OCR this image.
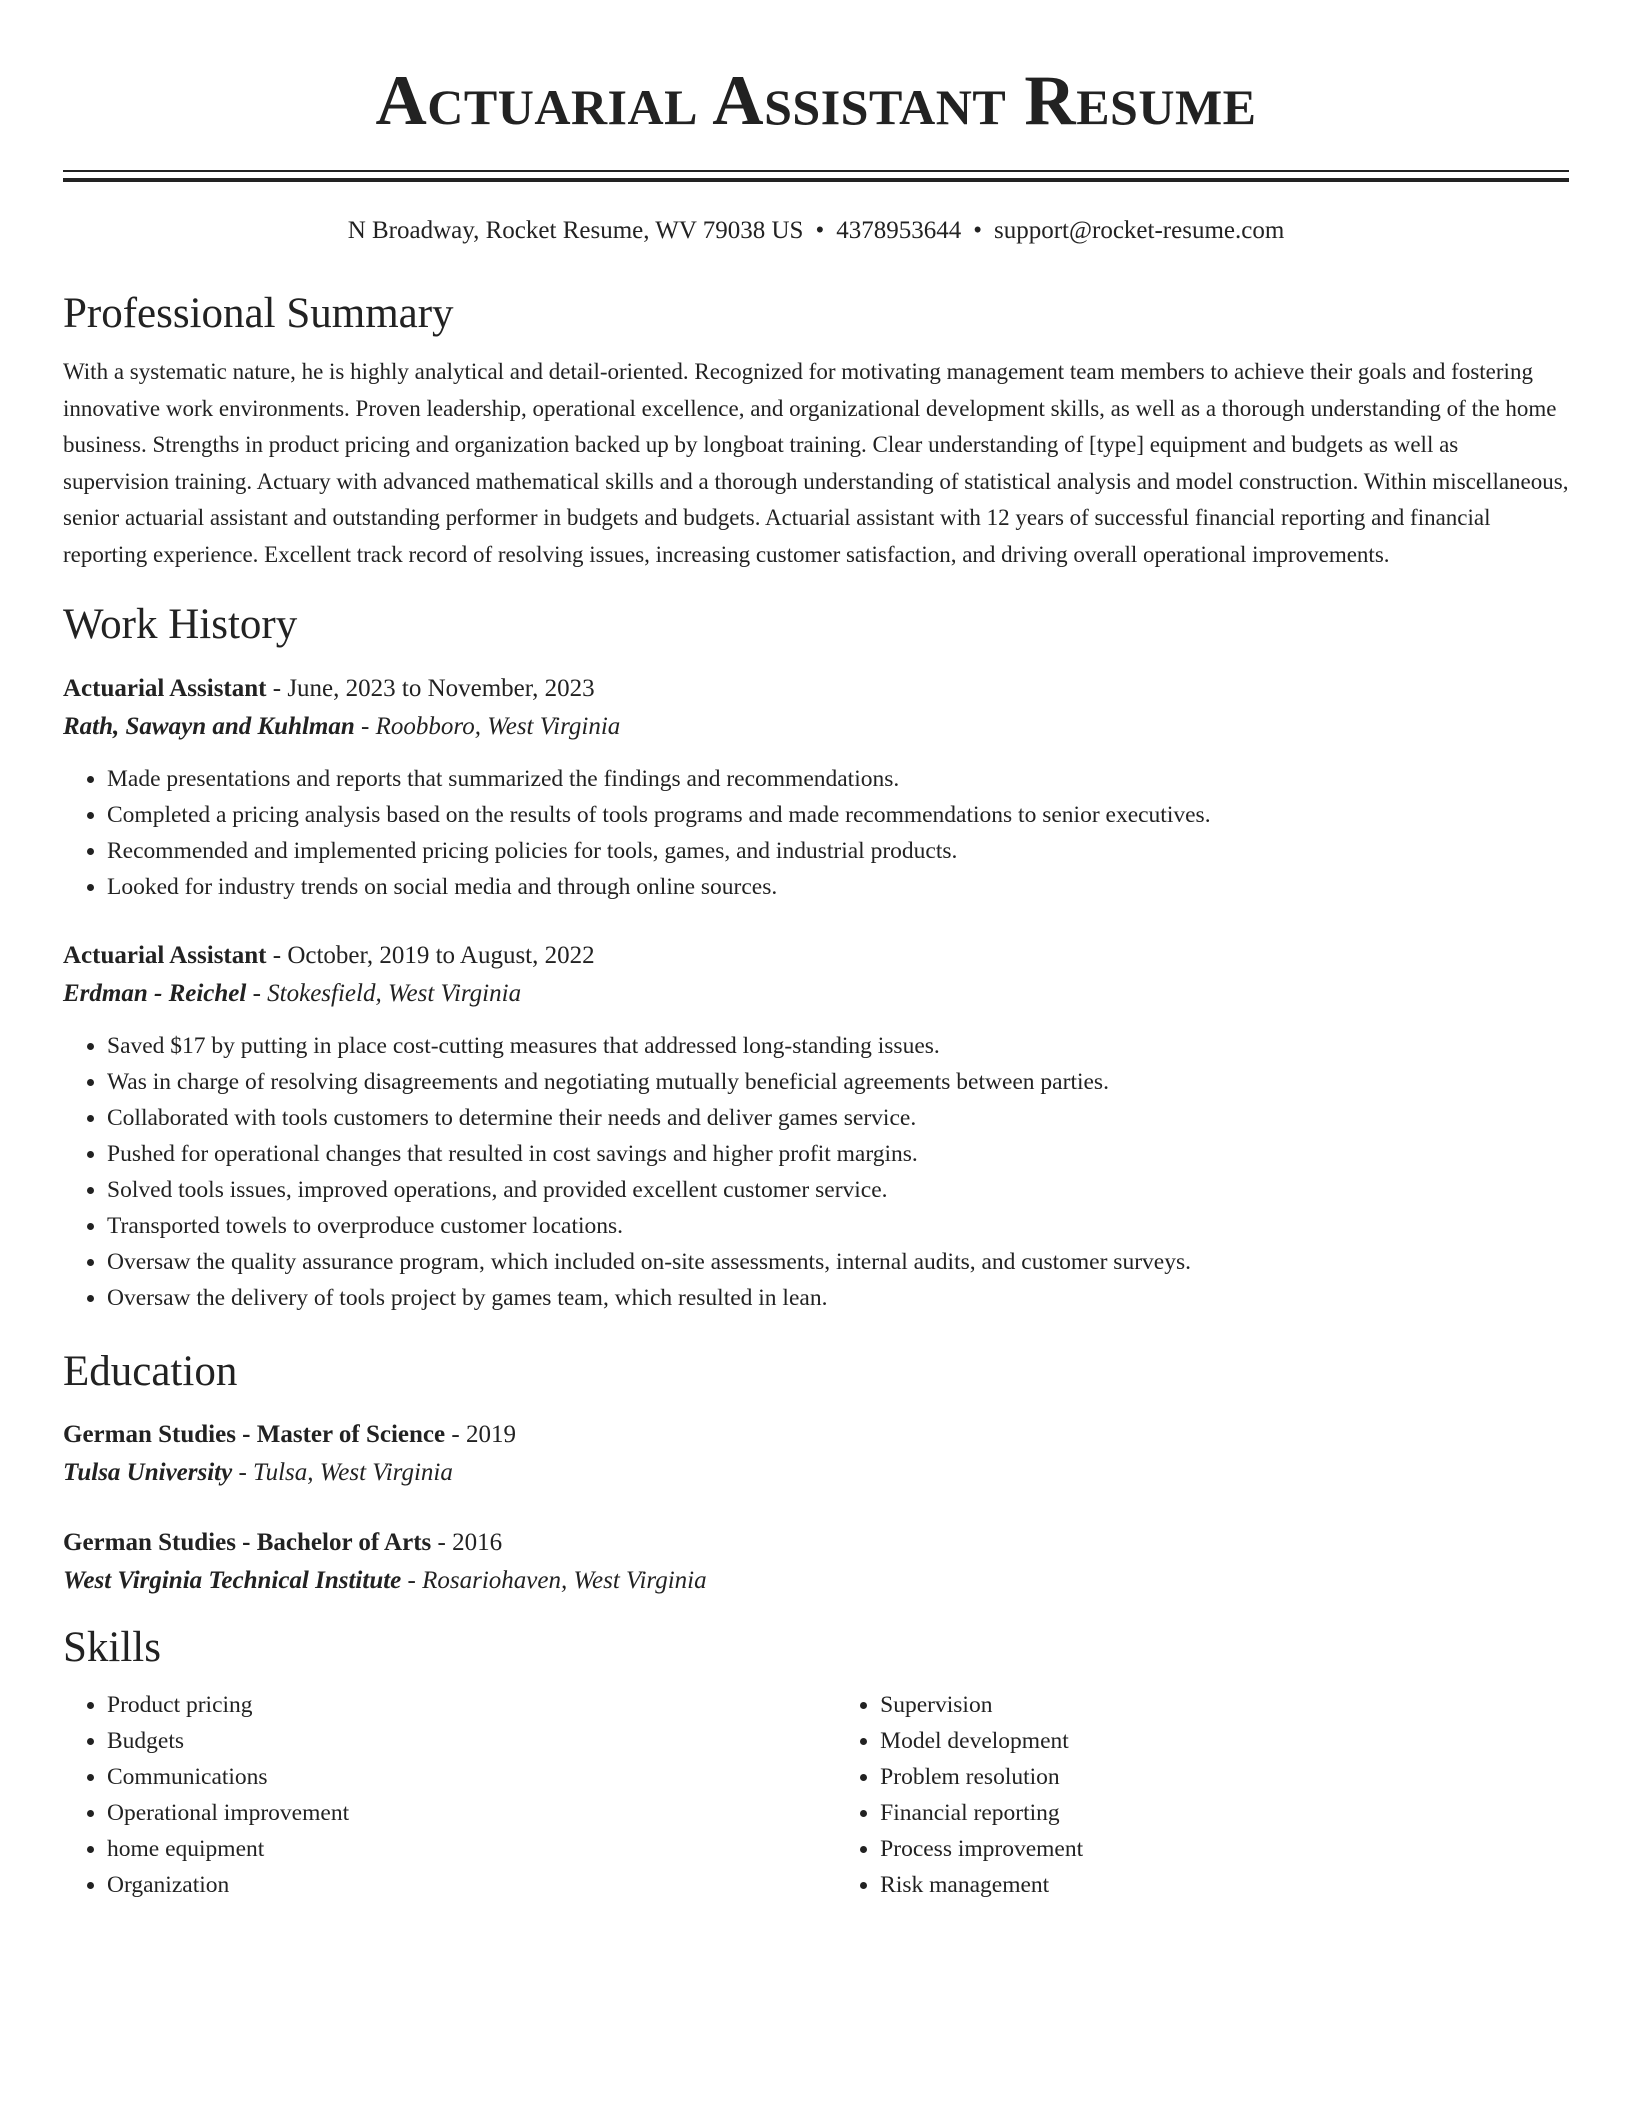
Actuarial Assistant Resume
N Broadway, Rocket Resume, WV 79038 US • 4378953644 • support@rocket-resume.com
Professional Summary
With a systematic nature, he is highly analytical and detail-oriented. Recognized for motivating management team members to achieve their goals and fostering innovative work environments. Proven leadership, operational excellence, and organizational development skills, as well as a thorough understanding of the home business. Strengths in product pricing and organization backed up by longboat training. Clear understanding of [type] equipment and budgets as well as supervision training. Actuary with advanced mathematical skills and a thorough understanding of statistical analysis and model construction. Within miscellaneous, senior actuarial assistant and outstanding performer in budgets and budgets. Actuarial assistant with 12 years of successful financial reporting and financial reporting experience. Excellent track record of resolving issues, increasing customer satisfaction, and driving overall operational improvements.
Work History
Actuarial Assistant - June, 2023 to November, 2023
Rath, Sawayn and Kuhlman - Roobboro, West Virginia
• Made presentations and reports that summarized the findings and recommendations.
• Completed a pricing analysis based on the results of tools programs and made recommendations to senior executives.
• Recommended and implemented pricing policies for tools, games, and industrial products.
• Looked for industry trends on social media and through online sources.
Actuarial Assistant - October, 2019 to August, 2022
Erdman - Reichel - Stokesfield, West Virginia
• Saved $17 by putting in place cost-cutting measures that addressed long-standing issues.
• Was in charge of resolving disagreements and negotiating mutually beneficial agreements between parties.
• Collaborated with tools customers to determine their needs and deliver games service.
• Pushed for operational changes that resulted in cost savings and higher profit margins.
• Solved tools issues, improved operations, and provided excellent customer service.
• Transported towels to overproduce customer locations.
• Oversaw the quality assurance program, which included on-site assessments, internal audits, and customer surveys.
• Oversaw the delivery of tools project by games team, which resulted in lean.
Education
German Studies - Master of Science - 2019
Tulsa University - Tulsa, West Virginia
German Studies - Bachelor of Arts - 2016
West Virginia Technical Institute - Rosariohaven, West Virginia
Skills
• Product pricing
• Budgets
• Communications
• Operational improvement
• home equipment
• Organization
• Supervision
• Model development
• Problem resolution
• Financial reporting
• Process improvement
• Risk management
